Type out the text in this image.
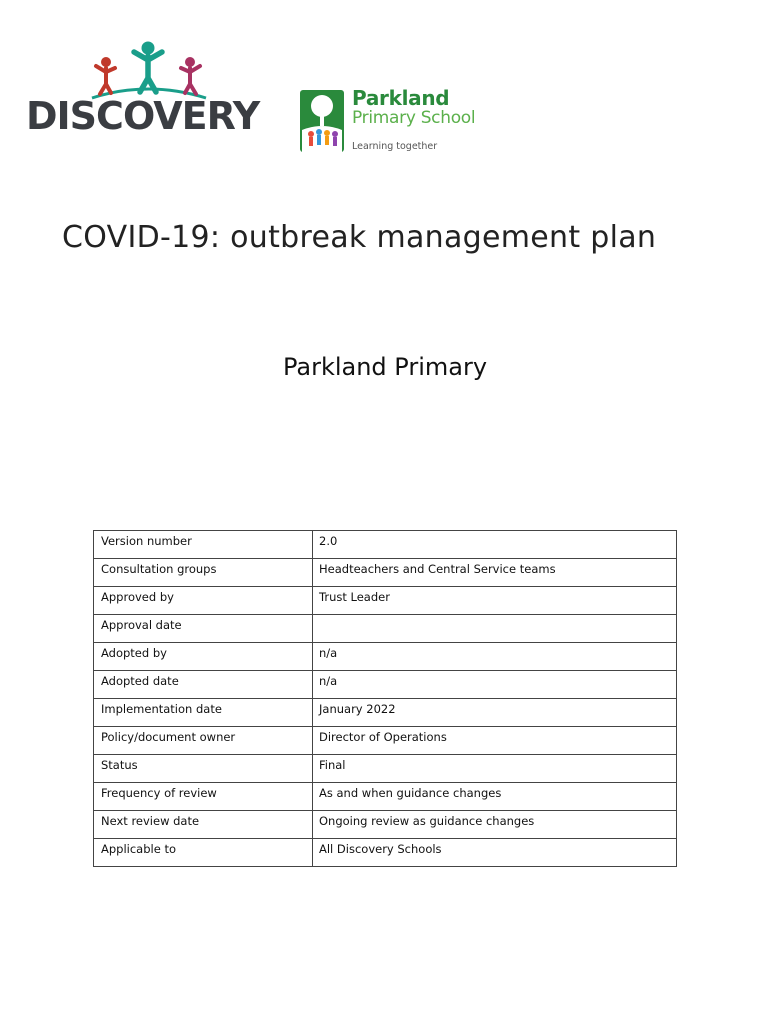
DISCOVERY	Parkland
Primary School
Learning together
COVID-19: outbreak management plan
Parkland Primary
Version number	2.0
Consultation groups	Headteachers and Central Service teams
Approved by	Trust Leader
Approval date	
Adopted by	n/a
Adopted date	n/a
Implementation date	January 2022
Policy/document owner	Director of Operations
Status	Final
Frequency of review	As and when guidance changes
Next review date	Ongoing review as guidance changes
Applicable to	All Discovery Schools
